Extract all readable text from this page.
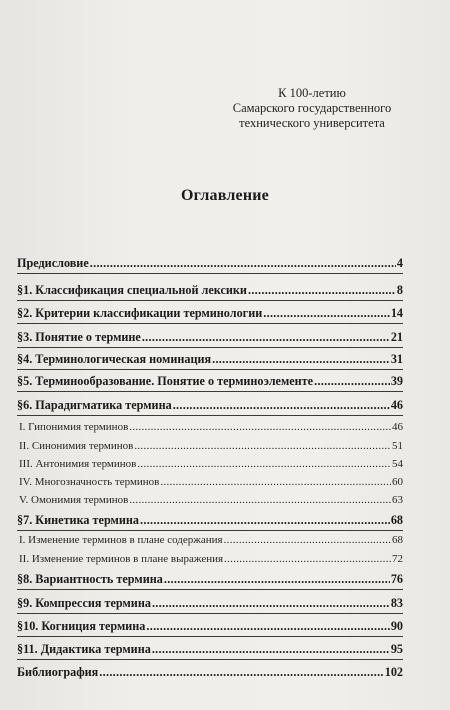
К 100-летию
Самарского государственного
технического университета
Оглавление
Предисловие .....	4
§1. Классификация специальной лексики .....	8
§2. Критерии классификации терминологии .....	14
§3. Понятие о термине .....	21
§4. Терминологическая номинация .....	31
§5. Терминообразование. Понятие о терминоэлементе .....	39
§6. Парадигматика термина .....	46
I. Гипонимия терминов .....	46
II. Синонимия терминов .....	51
III. Антонимия терминов .....	54
IV. Многозначность терминов .....	60
V. Омонимия терминов .....	63
§7. Кинетика термина .....	68
I. Изменение терминов в плане содержания .....	68
II. Изменение терминов в плане выражения .....	72
§8. Вариантность термина .....	76
§9. Компрессия термина .....	83
§10. Когниция термина .....	90
§11. Дидактика термина .....	95
Библиография .....	102
